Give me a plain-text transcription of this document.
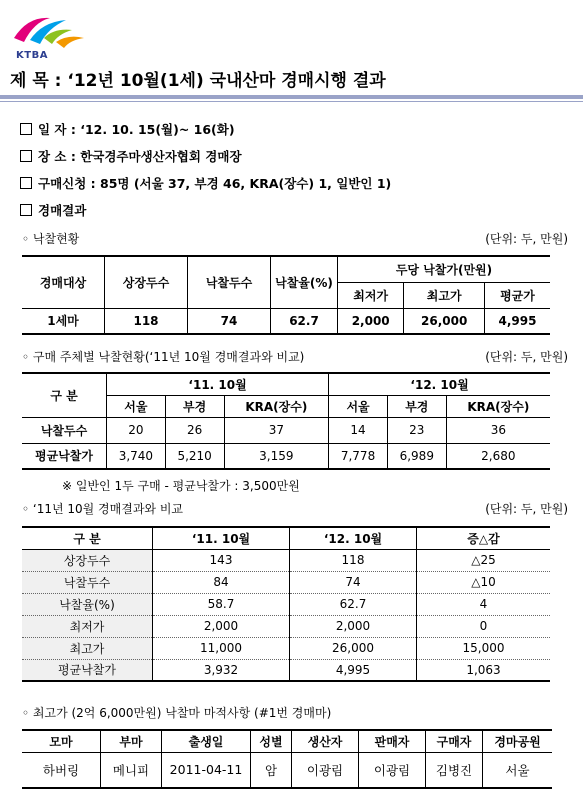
KTBA
제 목 : ‘12년 10월(1세) 국내산마 경매시행 결과
일 자 : ‘12. 10. 15(월)~ 16(화)
장 소 : 한국경주마생산자협회 경매장
구매신청 : 85명 (서울 37, 부경 46, KRA(장수) 1, 일반인 1)
경매결과
◦ 낙찰현황	(단위: 두, 만원)
경매대상	상장두수	낙찰두수	낙찰율(%)	두당 낙찰가(만원)		
				최저가	최고가	평균가
1세마	118	74	62.7	2,000	26,000	4,995
◦ 구매 주체별 낙찰현황(‘11년 10월 경매결과와 비교)	(단위: 두, 만원)
구 분	‘11. 10월			‘12. 10월		
	서울	부경	KRA(장수)	서울	부경	KRA(장수)
낙찰두수	20	26	37	14	23	36
평균낙찰가	3,740	5,210	3,159	7,778	6,989	2,680
※ 일반인 1두 구매 - 평균낙찰가 : 3,500만원
◦ ‘11년 10월 경매결과와 비교	(단위: 두, 만원)
구 분	‘11. 10월	‘12. 10월	증△감
상장두수	143	118	△25
낙찰두수	84	74	△10
낙찰율(%)	58.7	62.7	4
최저가	2,000	2,000	0
최고가	11,000	26,000	15,000
평균낙찰가	3,932	4,995	1,063
◦ 최고가 (2억 6,000만원) 낙찰마 마적사항 (#1번 경매마)
모마	부마	출생일	성별	생산자	판매자	구매자	경마공원
하버링	메니피	2011-04-11	암	이광림	이광림	김병진	서울
